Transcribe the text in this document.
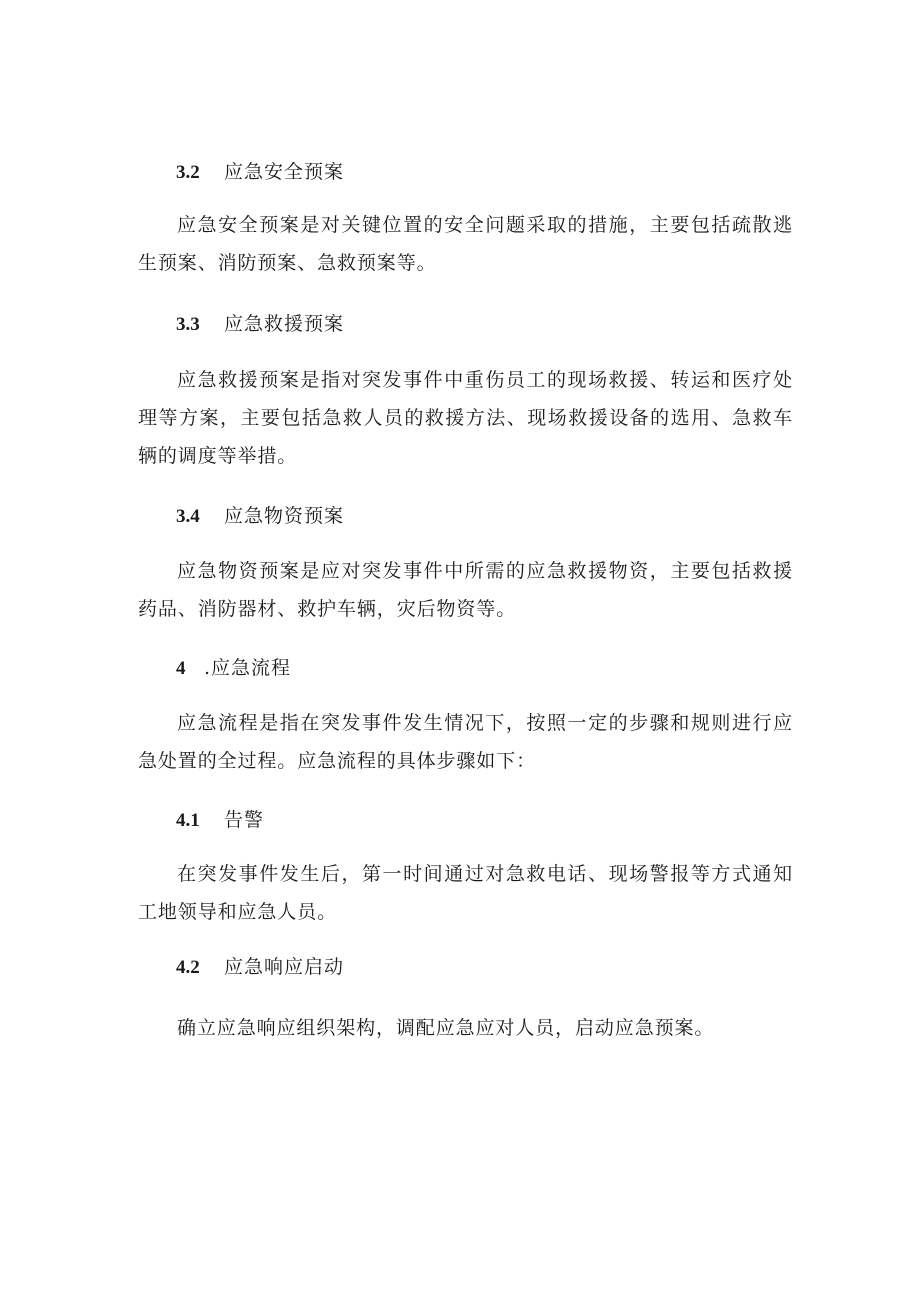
3.2 应急安全预案

应急安全预案是对关键位置的安全问题采取的措施，主要包括疏散逃生预案、消防预案、急救预案等。

3.3 应急救援预案

应急救援预案是指对突发事件中重伤员工的现场救援、转运和医疗处理等方案，主要包括急救人员的救援方法、现场救援设备的选用、急救车辆的调度等举措。

3.4 应急物资预案

应急物资预案是应对突发事件中所需的应急救援物资，主要包括救援药品、消防器材、救护车辆，灾后物资等。

4 .应急流程

应急流程是指在突发事件发生情况下，按照一定的步骤和规则进行应急处置的全过程。应急流程的具体步骤如下：

4.1 告警

在突发事件发生后，第一时间通过对急救电话、现场警报等方式通知工地领导和应急人员。

4.2 应急响应启动

确立应急响应组织架构，调配应急应对人员，启动应急预案。
